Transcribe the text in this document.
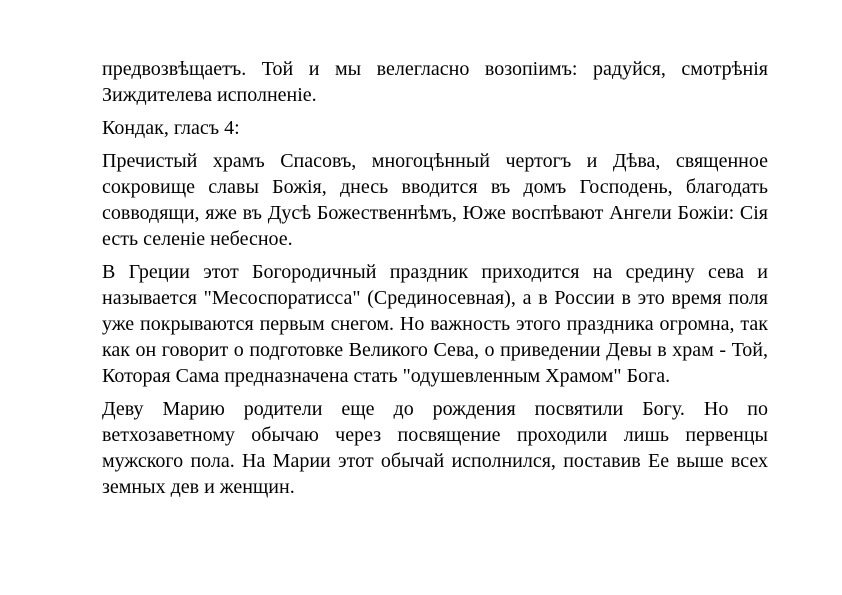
предвозвѣщаетъ. Той и мы велегласно возопіимъ: радуйся, смотрѣнія Зиждителева исполненіе.

Кондак, гласъ 4:

Пречистый храмъ Спасовъ, многоцѣнный чертогъ и Дѣва, священное сокровище славы Божія, днесь вводится въ домъ Господень, благодать совводящи, яже въ Дусѣ Божественнѣмъ, Юже воспѣвают Ангели Божіи: Сія есть селеніе небесное.

В Греции этот Богородичный праздник приходится на средину сева и называется "Месоспоратисса" (Срединосевная), а в России в это время поля уже покрываются первым снегом. Но важность этого праздника огромна, так как он говорит о подготовке Великого Сева, о приведении Девы в храм - Той, Которая Сама предназначена стать "одушевленным Храмом" Бога.

Деву Марию родители еще до рождения посвятили Богу. Но по ветхозаветному обычаю через посвящение проходили лишь первенцы мужского пола. На Марии этот обычай исполнился, поставив Ее выше всех земных дев и женщин.
